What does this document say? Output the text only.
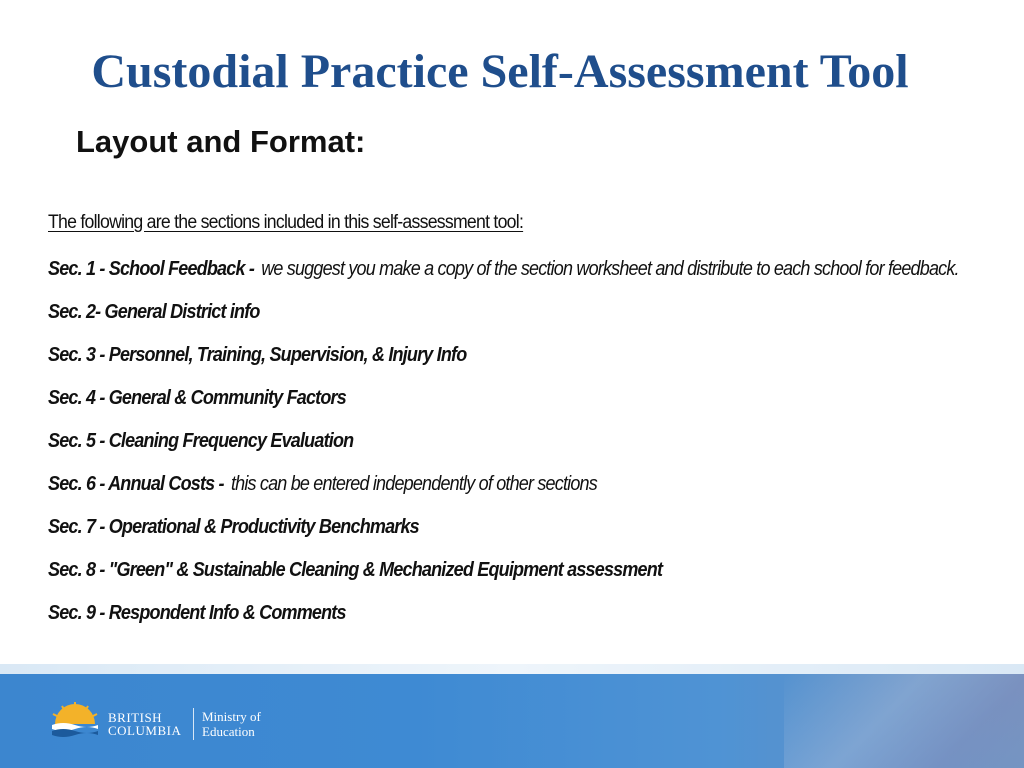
Custodial Practice Self-Assessment Tool
Layout and Format:
The following are the sections included in this self-assessment tool:
Sec. 1 - School Feedback - we suggest you make a copy of the section worksheet and distribute to each school for feedback.
Sec. 2- General District info
Sec. 3 - Personnel, Training, Supervision, & Injury Info
Sec. 4 - General & Community Factors
Sec. 5 - Cleaning Frequency Evaluation
Sec. 6 - Annual Costs - this can be entered independently of other sections
Sec. 7 - Operational & Productivity Benchmarks
Sec. 8 - "Green" & Sustainable Cleaning & Mechanized Equipment assessment
Sec. 9 - Respondent Info & Comments
BRITISH
COLUMBIA
Ministry of
Education
